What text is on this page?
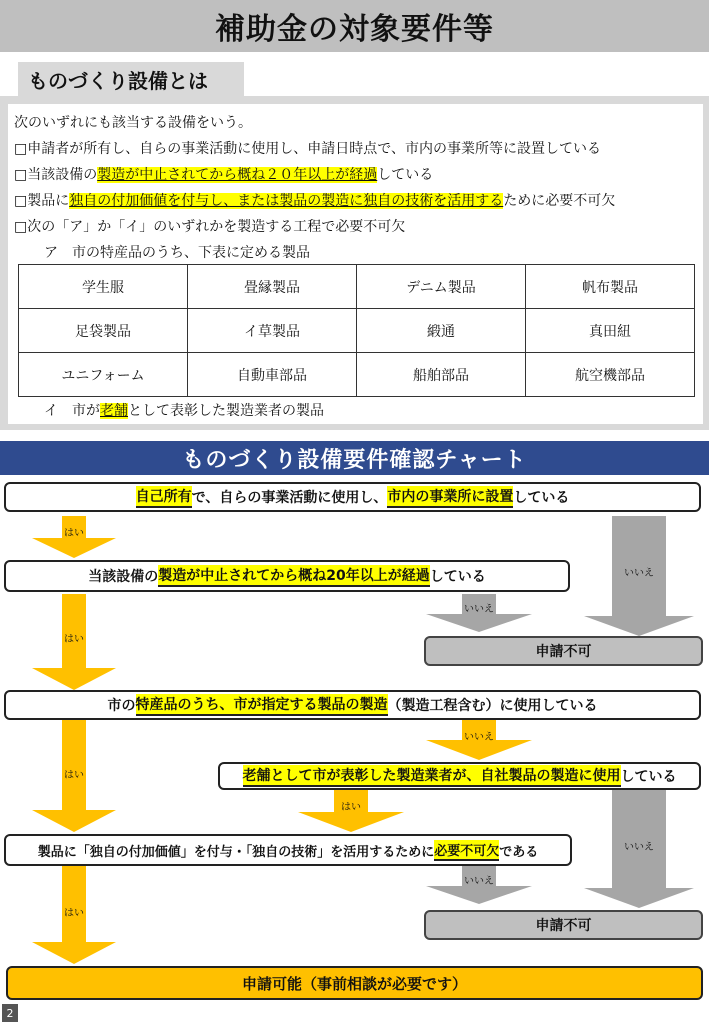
補助金の対象要件等
ものづくり設備とは
次のいずれにも該当する設備をいう。
□申請者が所有し、自らの事業活動に使用し、申請日時点で、市内の事業所等に設置している
□当該設備の製造が中止されてから概ね２０年以上が経過している
□製品に独自の付加価値を付与し、または製品の製造に独自の技術を活用するために必要不可欠
□次の「ア」か「イ」のいずれかを製造する工程で必要不可欠
ア　市の特産品のうち、下表に定める製品
学生服	畳縁製品	デニム製品	帆布製品
足袋製品	イ草製品	緞通	真田紐
ユニフォーム	自動車部品	船舶部品	航空機部品
イ　市が老舗として表彰した製造業者の製品
ものづくり設備要件確認チャート
はい
いいえ
はい
いいえ
はい
いいえ
はい
いいえ
いいえ
はい
自己所有 で、自らの事業活動に使用し、 市内の事業所に設置 している
当該設備の 製造が中止されてから概ね20年以上が経過 している
申請不可
市の 特産品のうち、市が指定する製品の製造 （製造工程含む）に使用している
老舗として市が表彰した製造業者が、自社製品の製造に使用 している
製品に「独自の付加価値」を付与・「独自の技術」を活用するために 必要不可欠 である
申請不可
申請可能（事前相談が必要です）
2
